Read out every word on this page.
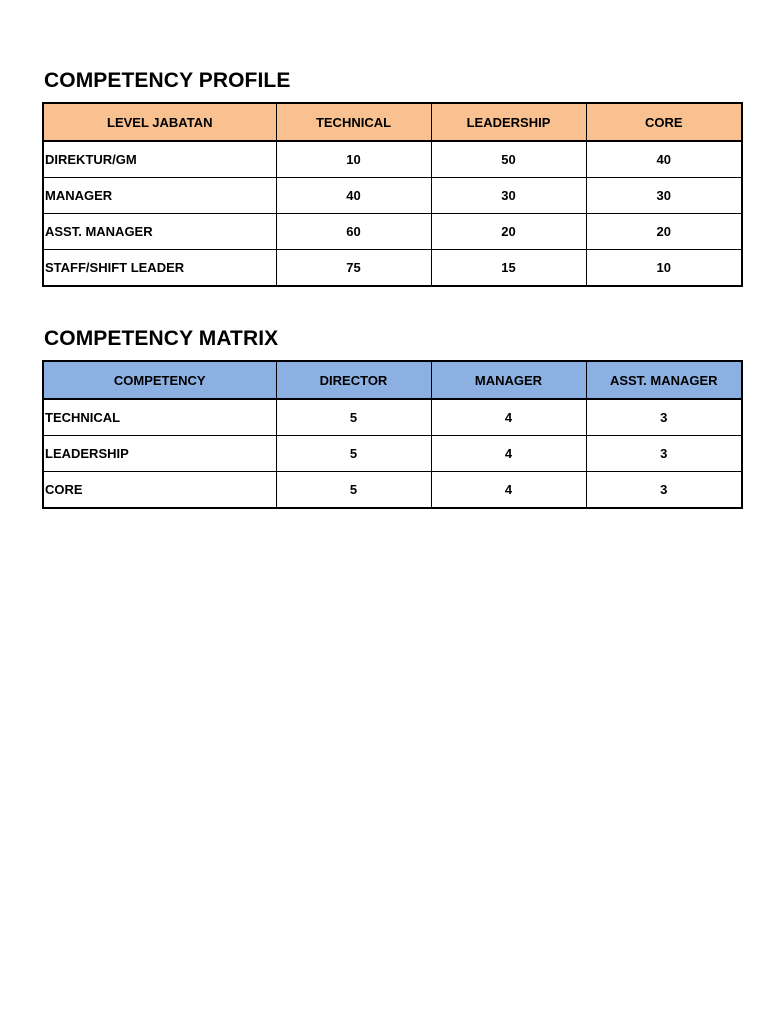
COMPETENCY PROFILE
LEVEL JABATAN	TECHNICAL	LEADERSHIP	CORE
DIREKTUR/GM	10	50	40
MANAGER	40	30	30
ASST. MANAGER	60	20	20
STAFF/SHIFT LEADER	75	15	10
COMPETENCY MATRIX
COMPETENCY	DIRECTOR	MANAGER	ASST. MANAGER
TECHNICAL	5	4	3
LEADERSHIP	5	4	3
CORE	5	4	3
